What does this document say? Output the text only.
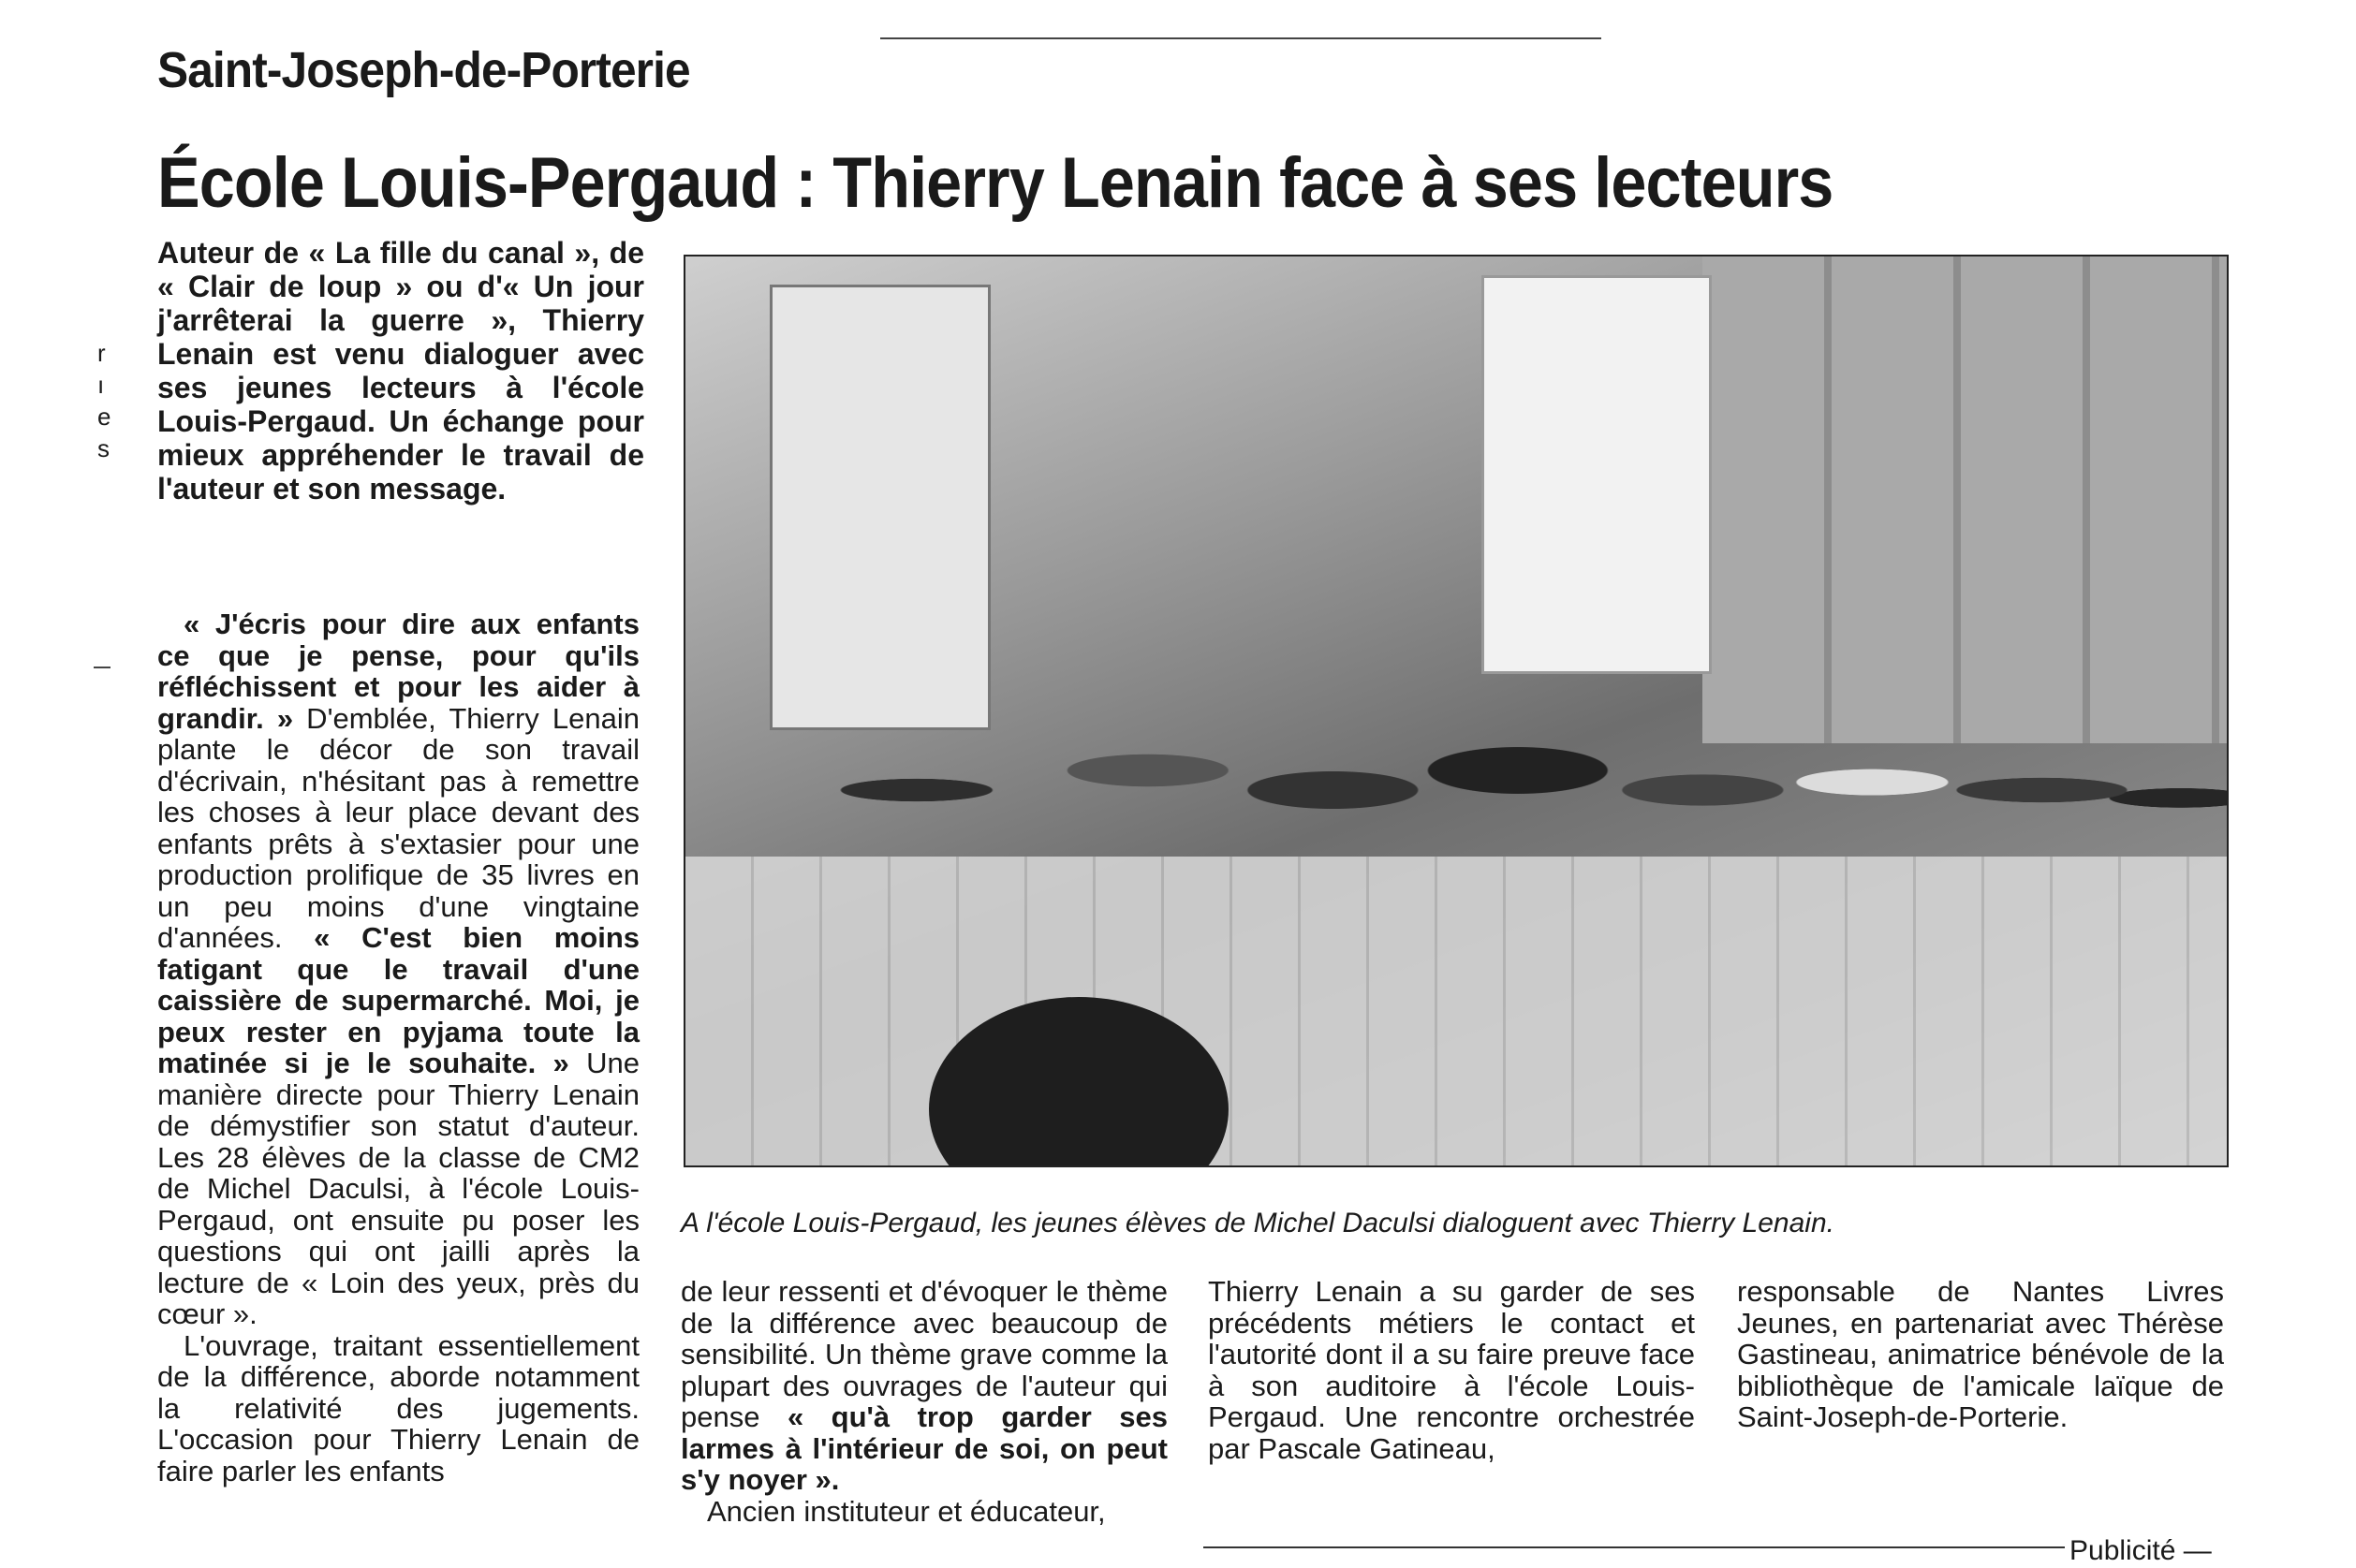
Saint-Joseph-de-Porterie
École Louis-Pergaud : Thierry Lenain face à ses lecteurs

Auteur de « La fille du canal », de « Clair de loup » ou d'« Un jour j'arrêterai la guerre », Thierry Lenain est venu dialoguer avec ses jeunes lecteurs à l'école Louis-Pergaud. Un échange pour mieux appréhender le travail de l'auteur et son message.

r
ı
e
s

« J'écris pour dire aux enfants ce que je pense, pour qu'ils réfléchissent et pour les aider à grandir. » D'emblée, Thierry Lenain plante le décor de son travail d'écrivain, n'hésitant pas à remettre les choses à leur place devant des enfants prêts à s'extasier pour une production prolifique de 35 livres en un peu moins d'une vingtaine d'années. « C'est bien moins fatigant que le travail d'une caissière de supermarché. Moi, je peux rester en pyjama toute la matinée si je le souhaite. » Une manière directe pour Thierry Lenain de démystifier son statut d'auteur. Les 28 élèves de la classe de CM2 de Michel Daculsi, à l'école Louis-Pergaud, ont ensuite pu poser les questions qui ont jailli après la lecture de « Loin des yeux, près du cœur ».

L'ouvrage, traitant essentiellement de la différence, aborde notamment la relativité des jugements. L'occasion pour Thierry Lenain de faire parler les enfants

A l'école Louis-Pergaud, les jeunes élèves de Michel Daculsi dialoguent avec Thierry Lenain.

de leur ressenti et d'évoquer le thème de la différence avec beaucoup de sensibilité. Un thème grave comme la plupart des ouvrages de l'auteur qui pense « qu'à trop garder ses larmes à l'intérieur de soi, on peut s'y noyer ».

Ancien instituteur et éducateur,

Thierry Lenain a su garder de ses précédents métiers le contact et l'autorité dont il a su faire preuve face à son auditoire à l'école Louis-Pergaud. Une rencontre orchestrée par Pascale Gatineau,

responsable de Nantes Livres Jeunes, en partenariat avec Thérèse Gastineau, animatrice bénévole de la bibliothèque de l'amicale laïque de Saint-Joseph-de-Porterie.

Publicité —
